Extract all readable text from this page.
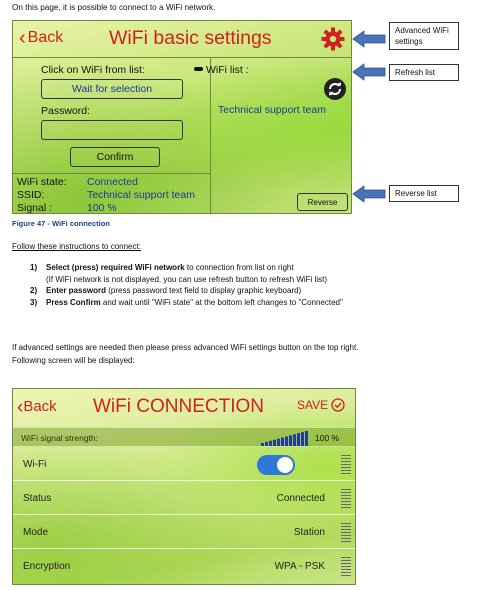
On this page, it is possible to connect to a WiFi network.
‹ Back WiFi basic settings
Click on WiFi from list:
Wait for selection
Password:
Confirm
WiFi state: Connected
SSID:	Technical support team
Signal :	100 %
WiFi list :
Technical support team
Reverse
Advanced WiFi settings
Refresh list
Reverse list
Figure 47 - WiFi connection
Follow these instructions to connect:
1) Select (press) required WiFi network to connection from list on right
(If WiFi network is not displayed, you can use refresh button to refresh WiFi list)
2) Enter password (press password text field to display graphic keyboard)
3) Press Confirm and wait until "WiFi state" at the bottom left changes to "Connected"
If advanced settings are needed then please press advanced WiFi settings button on the top right.
Following screen will be displayed:
‹Back WiFi CONNECTION	SAVE
WiFi signal strength:	100 %
Wi-Fi
Status	Connected
Mode	Station
Encryption	WPA - PSK
